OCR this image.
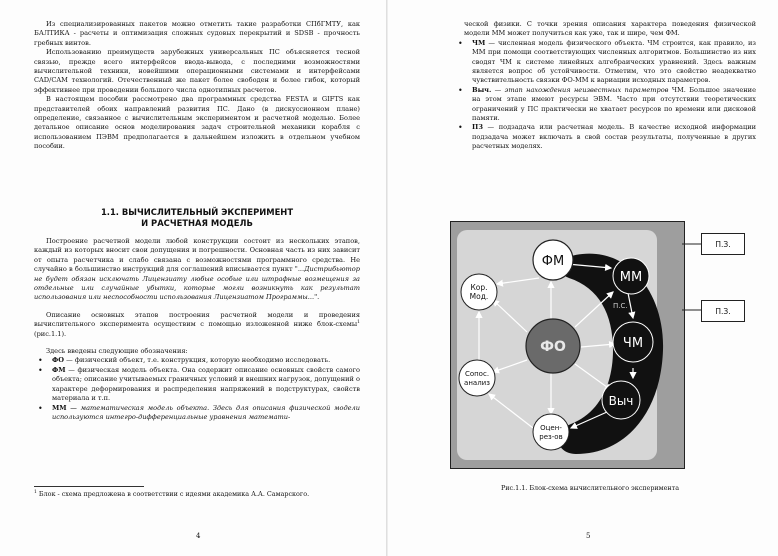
Из специализированных пакетов можно отметить такие разработки СПбГМТУ, как БАЛТИКА - расчеты и оптимизация сложных судовых перекрытий и SDSB - прочность гребных винтов.

Использованию преимуществ зарубежных универсальных ПС объясняется тесной связью, прежде всего интерфейсов ввода-вывода, с последними возможностями вычислительной техники, новейшими операционными системами и интерфейсами CAD/CAM технологий. Отечественный же пакет более свободен и более гибок, который эффективнее при проведении большого числа однотипных расчетов.

В настоящем пособии рассмотрено два программных средства FESTA и GIFTS как представителей обоих направлений развития ПС. Дано (в дискуссионном плане) определение, связанное с вычислительным экспериментом и расчетной моделью. Более детальное описание основ моделирования задач строительной механики корабля с использованием ПЭВМ предполагается в дальнейшем изложить в отдельном учебном пособии.

1.1. ВЫЧИСЛИТЕЛЬНЫЙ ЭКСПЕРИМЕНТ
И РАСЧЕТНАЯ МОДЕЛЬ

Построение расчетной модели любой конструкции состоит из нескольких этапов, каждый из которых вносит свои допущения и погрешности. Основная часть из них зависит от опыта расчетчика и слабо связана с возможностями программного средства. Не случайно в большинство инструкций для соглашений вписывается пункт "...Дистрибьютор не будет обязан исключать Лицензиату любые особые или штрафные возмещения за отдельные или случайные убытки, которые могли возникнуть как результат использования или неспособности использования Лицензиатом Программы...".

Описание основных этапов построения расчетной модели и проведения вычислительного эксперимента осуществим с помощью изложенной ниже блок-схемы$^1$ (рис.1.1).

Здесь введены следующие обозначения:

• ФО — физический объект, т.е. конструкция, которую необходимо исследовать.
• ФМ — физическая модель объекта. Она содержит описание основных свойств самого объекта; описание учитываемых граничных условий и внешних нагрузок, допущений о характере деформирования и распределения напряжений в подструктурах, свойств материала и т.п.
• ММ — математическая модель объекта. Здесь для описания физической модели используются интегро-дифференциальные уравнения математи-
$^1$ Блок - схема предложена в соответствии с идеями академика А.А. Самарского.
4

ческой физики. С точки зрения описания характера поведения физической модели ММ может получиться как уже, так и шире, чем ФМ.

• ЧМ — численная модель физического объекта. ЧМ строится, как правило, из ММ при помощи соответствующих численных алгоритмов. Большинство из них сводят ЧМ к системе линейных алгебраических уравнений. Здесь важным является вопрос об устойчивости. Отметим, что это свойство неадекватно чувствительность связки ФО-ММ к вариации исходных параметров.
• Выч. — этап нахождения неизвестных параметров ЧМ. Большое значение на этом этапе имеют ресурсы ЭВМ. Часто при отсутствии теоретических ограничений у ПС практически не хватает ресурсов по времени или дисковой памяти.
• ПЗ — подзадача или расчетная модель. В качестве исходной информации подзадача может включать в свой состав результаты, полученные в других расчетных моделях.
5
П.С.
ФМ
ММ
ЧМ
Выч
ФО
Кор.
Мод.
Сопос.
анализ
Оцен-
рез-ов
П.З.
П.З.
Рис.1.1. Блок-схема вычислительного эксперимента
